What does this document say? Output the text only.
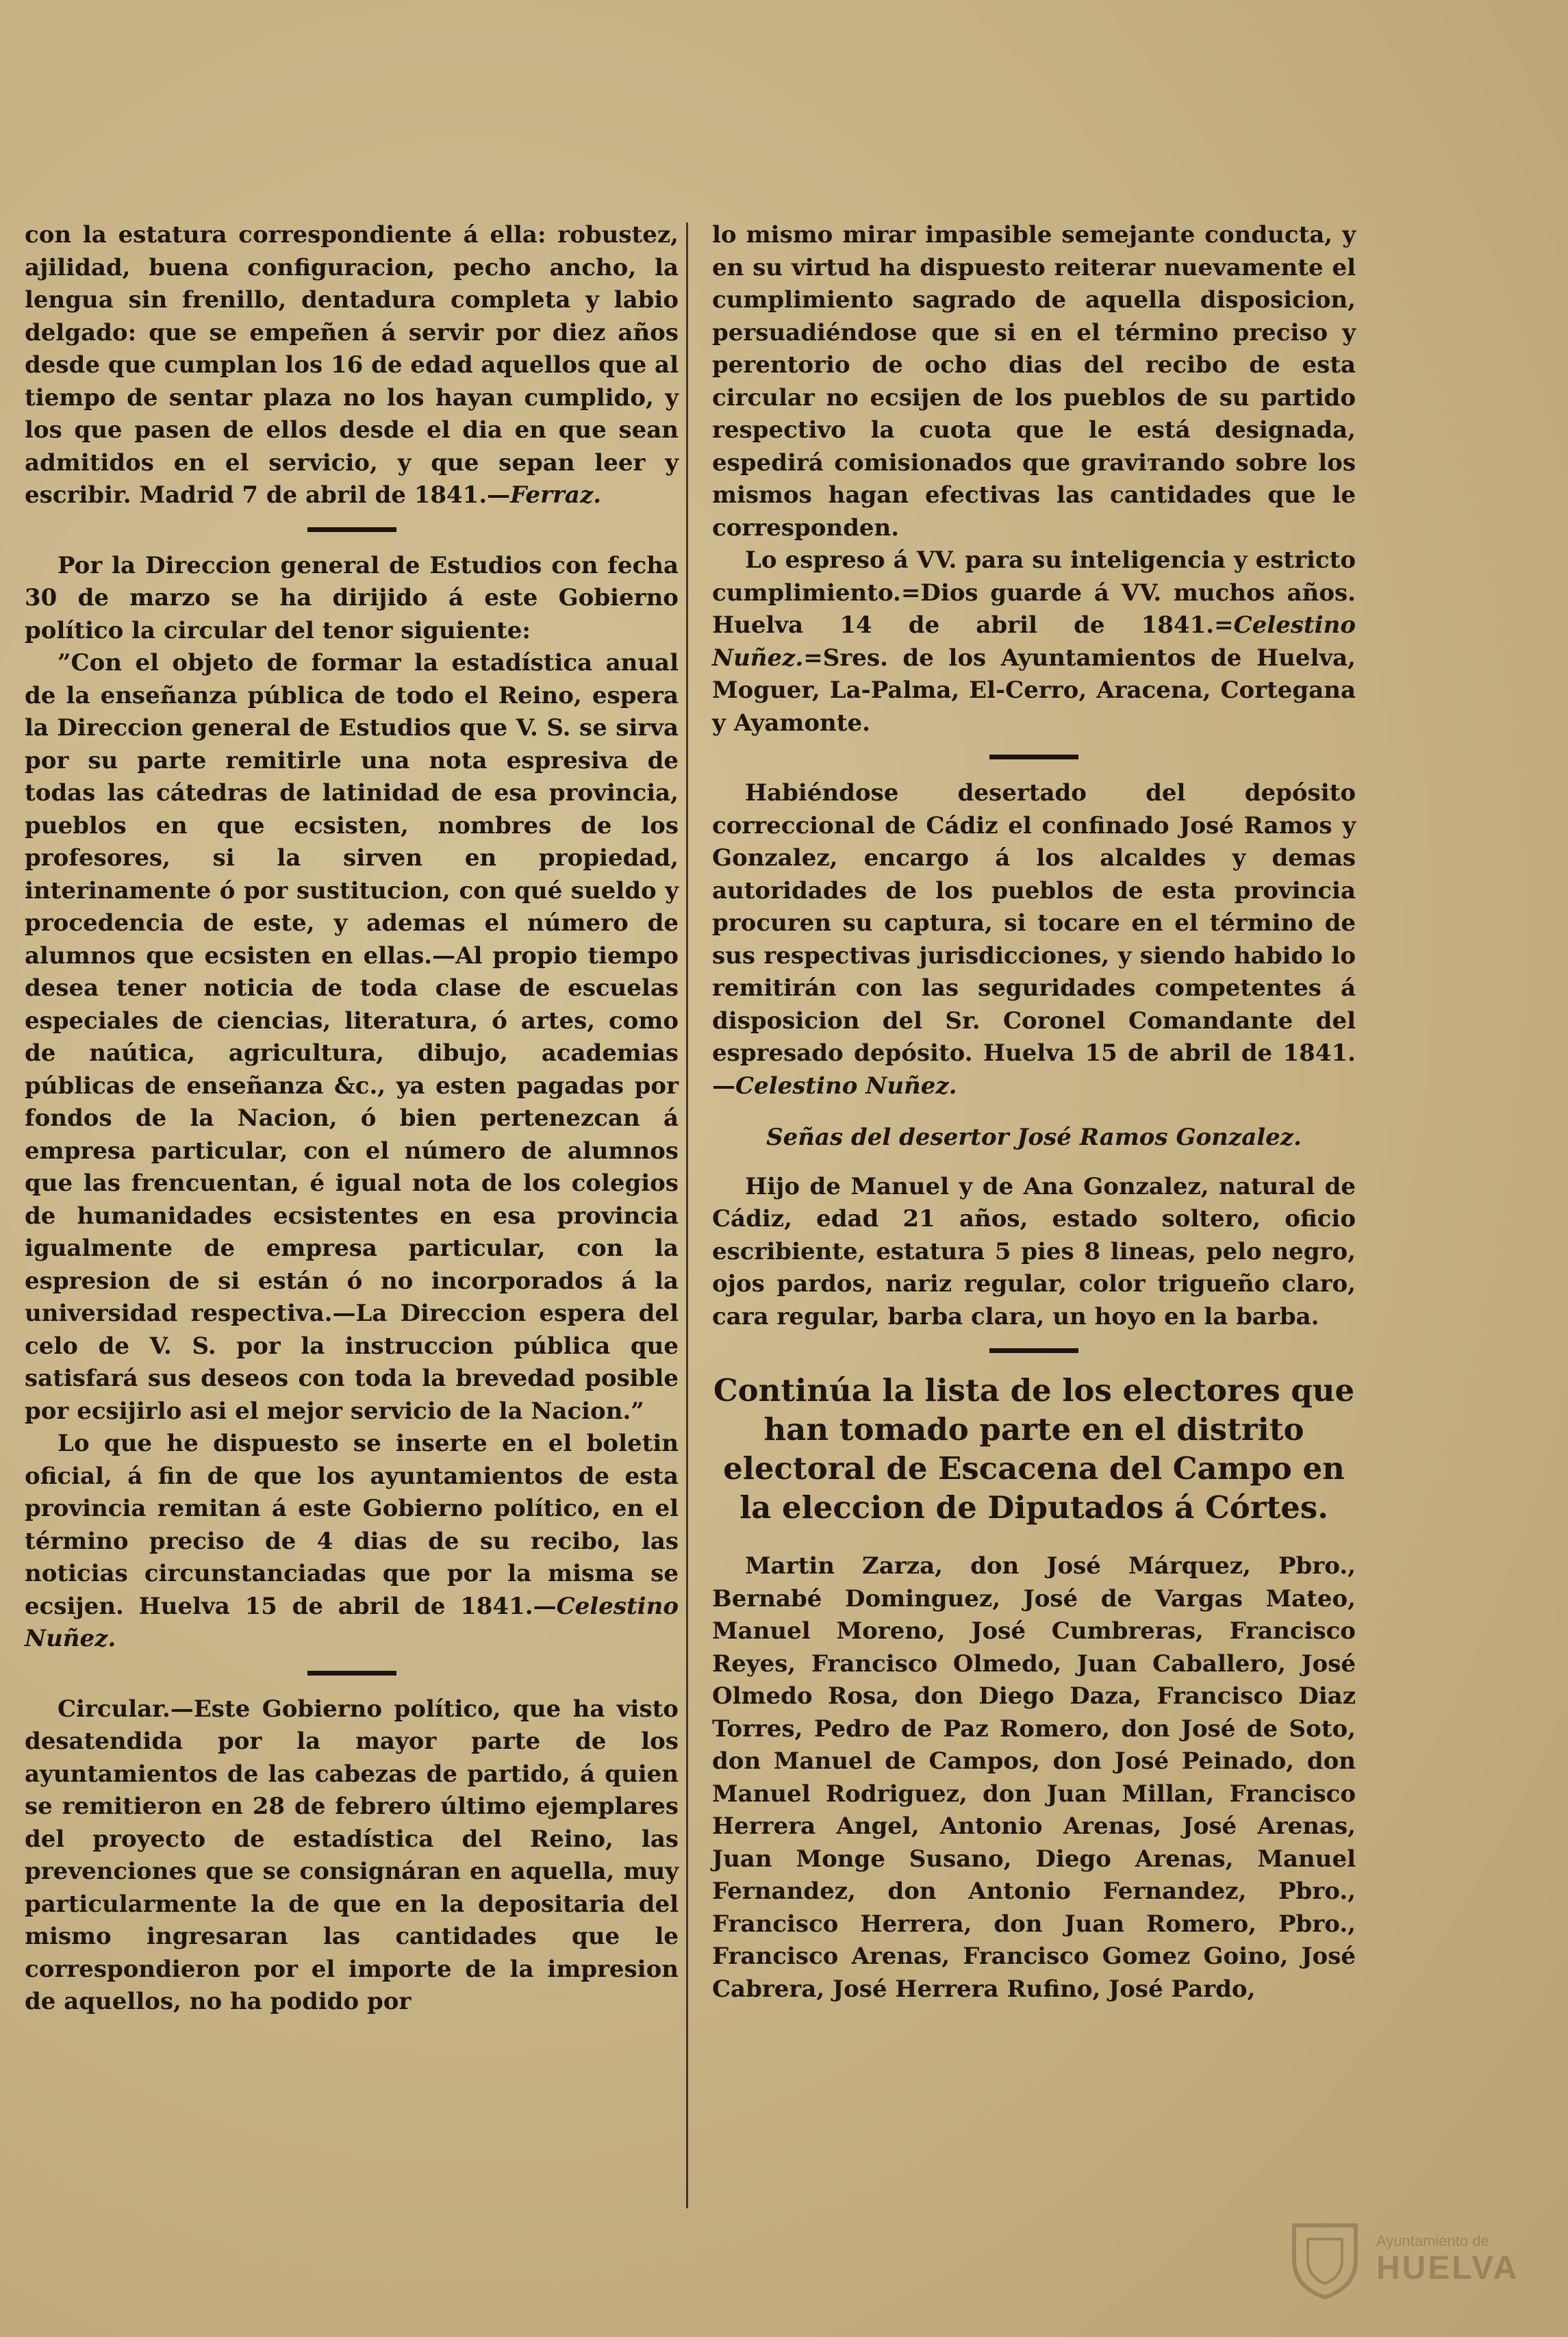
con la estatura correspondiente á ella: robustez, ajilidad, buena configuracion, pecho ancho, la lengua sin frenillo, dentadura completa y labio delgado: que se empeñen á servir por diez años desde que cumplan los 16 de edad aquellos que al tiempo de sentar plaza no los hayan cumplido, y los que pasen de ellos desde el dia en que sean admitidos en el servicio, y que sepan leer y escribir. Madrid 7 de abril de 1841.—Ferraz.

Por la Direccion general de Estudios con fecha 30 de marzo se ha dirijido á este Gobierno político la circular del tenor siguiente:

”Con el objeto de formar la estadística anual de la enseñanza pública de todo el Reino, espera la Direccion general de Estudios que V. S. se sirva por su parte remitirle una nota espresiva de todas las cátedras de latinidad de esa provincia, pueblos en que ecsisten, nombres de los profesores, si la sirven en propiedad, interinamente ó por sustitucion, con qué sueldo y procedencia de este, y ademas el número de alumnos que ecsisten en ellas.—Al propio tiempo desea tener noticia de toda clase de escuelas especiales de ciencias, literatura, ó artes, como de naútica, agricultura, dibujo, academias públicas de enseñanza &c., ya esten pagadas por fondos de la Nacion, ó bien pertenezcan á empresa particular, con el número de alumnos que las frencuentan, é igual nota de los colegios de humanidades ecsistentes en esa provincia igualmente de empresa particular, con la espresion de si están ó no incorporados á la universidad respectiva.—La Direccion espera del celo de V. S. por la instruccion pública que satisfará sus deseos con toda la brevedad posible por ecsijirlo asi el mejor servicio de la Nacion.”

Lo que he dispuesto se inserte en el boletin oficial, á fin de que los ayuntamientos de esta provincia remitan á este Gobierno político, en el término preciso de 4 dias de su recibo, las noticias circunstanciadas que por la misma se ecsijen. Huelva 15 de abril de 1841.—Celestino Nuñez.

Circular.—Este Gobierno político, que ha visto desatendida por la mayor parte de los ayuntamientos de las cabezas de partido, á quien se remitieron en 28 de febrero último ejemplares del proyecto de estadística del Reino, las prevenciones que se consignáran en aquella, muy particularmente la de que en la depositaria del mismo ingresaran las cantidades que le correspondieron por el importe de la impresion de aquellos, no ha podido por

lo mismo mirar impasible semejante conducta, y en su virtud ha dispuesto reiterar nuevamente el cumplimiento sagrado de aquella disposicion, persuadiéndose que si en el término preciso y perentorio de ocho dias del recibo de esta circular no ecsijen de los pueblos de su partido respectivo la cuota que le está designada, espedirá comisionados que graviтando sobre los mismos hagan efectivas las cantidades que le corresponden.

Lo espreso á VV. para su inteligencia y estricto cumplimiento.=Dios guarde á VV. muchos años. Huelva 14 de abril de 1841.=Celestino Nuñez.=Sres. de los Ayuntamientos de Huelva, Moguer, La-Palma, El-Cerro, Aracena, Cortegana y Ayamonte.

Habiéndose desertado del depósito correccional de Cádiz el confinado José Ramos y Gonzalez, encargo á los alcaldes y demas autoridades de los pueblos de esta provincia procuren su captura, si tocare en el término de sus respectivas jurisdicciones, y siendo habido lo remitirán con las seguridades competentes á disposicion del Sr. Coronel Comandante del espresado depósito. Huelva 15 de abril de 1841.—Celestino Nuñez.

Señas del desertor José Ramos Gonzalez.

Hijo de Manuel y de Ana Gonzalez, natural de Cádiz, edad 21 años, estado soltero, oficio escribiente, estatura 5 pies 8 lineas, pelo negro, ojos pardos, nariz regular, color trigueño claro, cara regular, barba clara, un hoyo en la barba.

Continúa la lista de los electores que han tomado parte en el distrito electoral de Escacena del Campo en la eleccion de Diputados á Córtes.

Martin Zarza, don José Márquez, Pbro., Bernabé Dominguez, José de Vargas Mateo, Manuel Moreno, José Cumbreras, Francisco Reyes, Francisco Olmedo, Juan Caballero, José Olmedo Rosa, don Diego Daza, Francisco Diaz Torres, Pedro de Paz Romero, don José de Soto, don Manuel de Campos, don José Peinado, don Manuel Rodriguez, don Juan Millan, Francisco Herrera Angel, Antonio Arenas, José Arenas, Juan Monge Susano, Diego Arenas, Manuel Fernandez, don Antonio Fernandez, Pbro., Francisco Herrera, don Juan Romero, Pbro., Francisco Arenas, Francisco Gomez Goino, José Cabrera, José Herrera Rufino, José Pardo,

Ayuntamiento de
HUELVA
